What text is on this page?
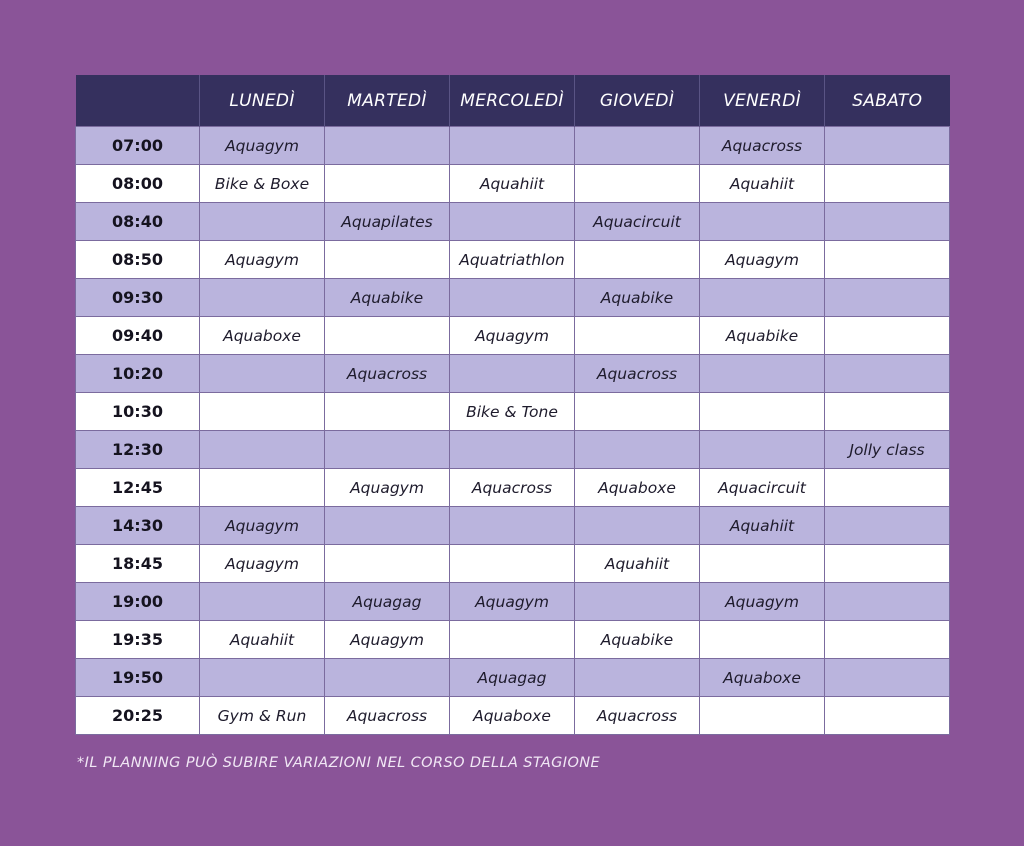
	LUNEDÌ	MARTEDÌ	MERCOLEDÌ	GIOVEDÌ	VENERDÌ	SABATO
07:00	Aquagym				Aquacross	
08:00	Bike & Boxe		Aquahiit		Aquahiit	
08:40		Aquapilates		Aquacircuit		
08:50	Aquagym		Aquatriathlon		Aquagym	
09:30		Aquabike		Aquabike		
09:40	Aquaboxe		Aquagym		Aquabike	
10:20		Aquacross		Aquacross		
10:30			Bike & Tone			
12:30						Jolly class
12:45		Aquagym	Aquacross	Aquaboxe	Aquacircuit	
14:30	Aquagym				Aquahiit	
18:45	Aquagym			Aquahiit		
19:00		Aquagag	Aquagym		Aquagym	
19:35	Aquahiit	Aquagym		Aquabike		
19:50			Aquagag		Aquaboxe	
20:25	Gym & Run	Aquacross	Aquaboxe	Aquacross		

*IL PLANNING PUÒ SUBIRE VARIAZIONI NEL CORSO DELLA STAGIONE
